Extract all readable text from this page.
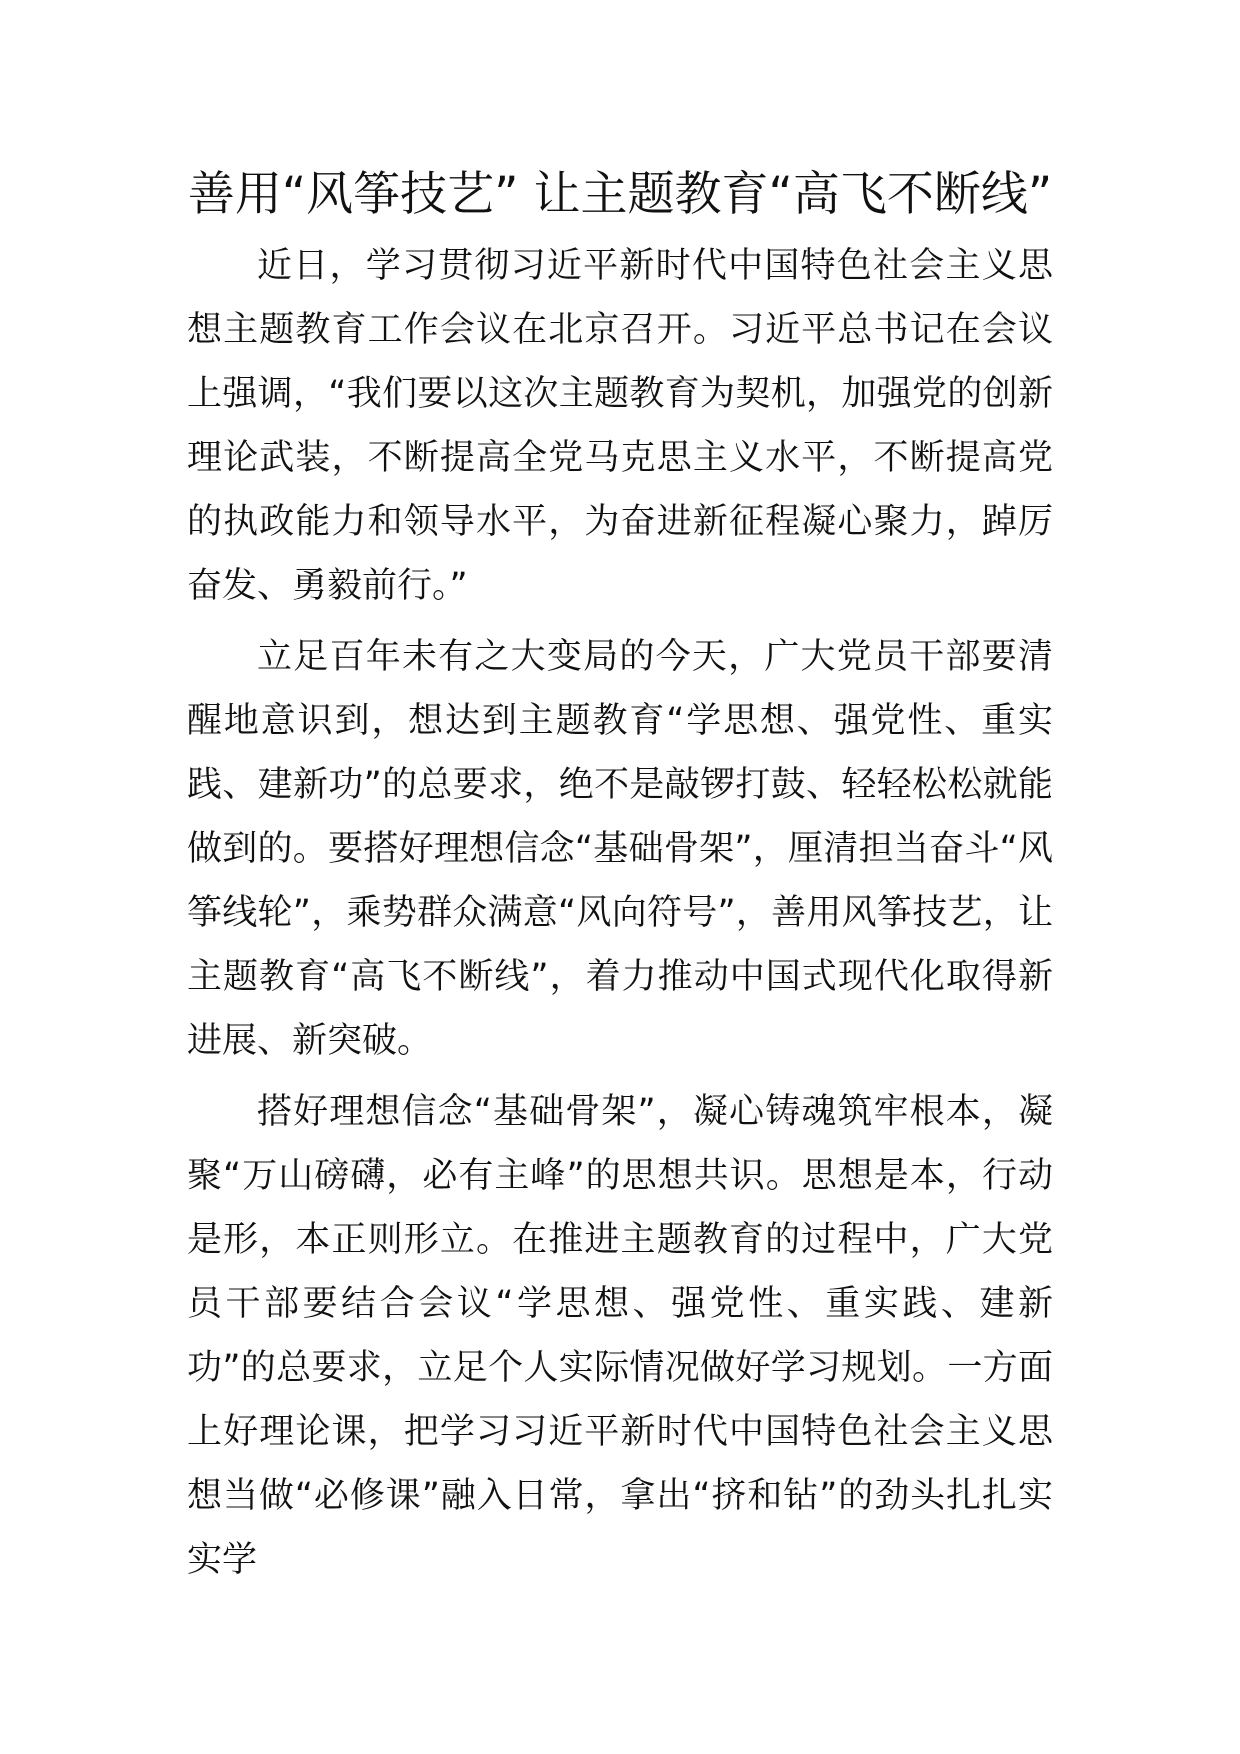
善用“风筝技艺” 让主题教育“高飞不断线”

近日，学习贯彻习近平新时代中国特色社会主义思想主题教育工作会议在北京召开。习近平总书记在会议上强调，“我们要以这次主题教育为契机，加强党的创新理论武装，不断提高全党马克思主义水平，不断提高党的执政能力和领导水平，为奋进新征程凝心聚力，踔厉奋发、勇毅前行。”

立足百年未有之大变局的今天，广大党员干部要清醒地意识到，想达到主题教育“学思想、强党性、重实践、建新功”的总要求，绝不是敲锣打鼓、轻轻松松就能做到的。要搭好理想信念“基础骨架”，厘清担当奋斗“风筝线轮”，乘势群众满意“风向符号”，善用风筝技艺，让主题教育“高飞不断线”，着力推动中国式现代化取得新进展、新突破。

搭好理想信念“基础骨架”，凝心铸魂筑牢根本，凝聚“万山磅礴，必有主峰”的思想共识。思想是本，行动是形，本正则形立。在推进主题教育的过程中，广大党员干部要结合会议“学思想、强党性、重实践、建新功”的总要求，立足个人实际情况做好学习规划。一方面上好理论课，把学习习近平新时代中国特色社会主义思想当做“必修课”融入日常，拿出“挤和钻”的劲头扎扎实实学
